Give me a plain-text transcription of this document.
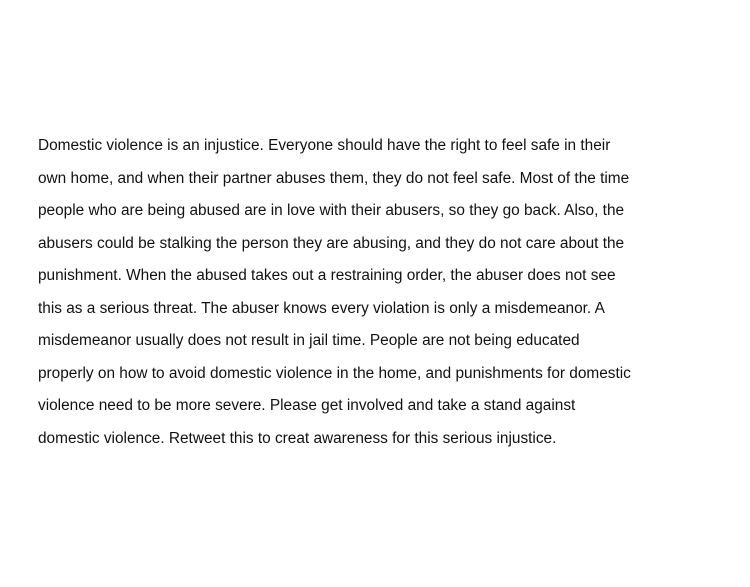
Domestic violence is an injustice. Everyone should have the right to feel safe in their
own home, and when their partner abuses them, they do not feel safe. Most of the time
people who are being abused are in love with their abusers, so they go back. Also, the
abusers could be stalking the person they are abusing, and they do not care about the
punishment. When the abused takes out a restraining order, the abuser does not see
this as a serious threat. The abuser knows every violation is only a misdemeanor. A
misdemeanor usually does not result in jail time. People are not being educated
properly on how to avoid domestic violence in the home, and punishments for domestic
violence need to be more severe. Please get involved and take a stand against
domestic violence. Retweet this to creat awareness for this serious injustice.
